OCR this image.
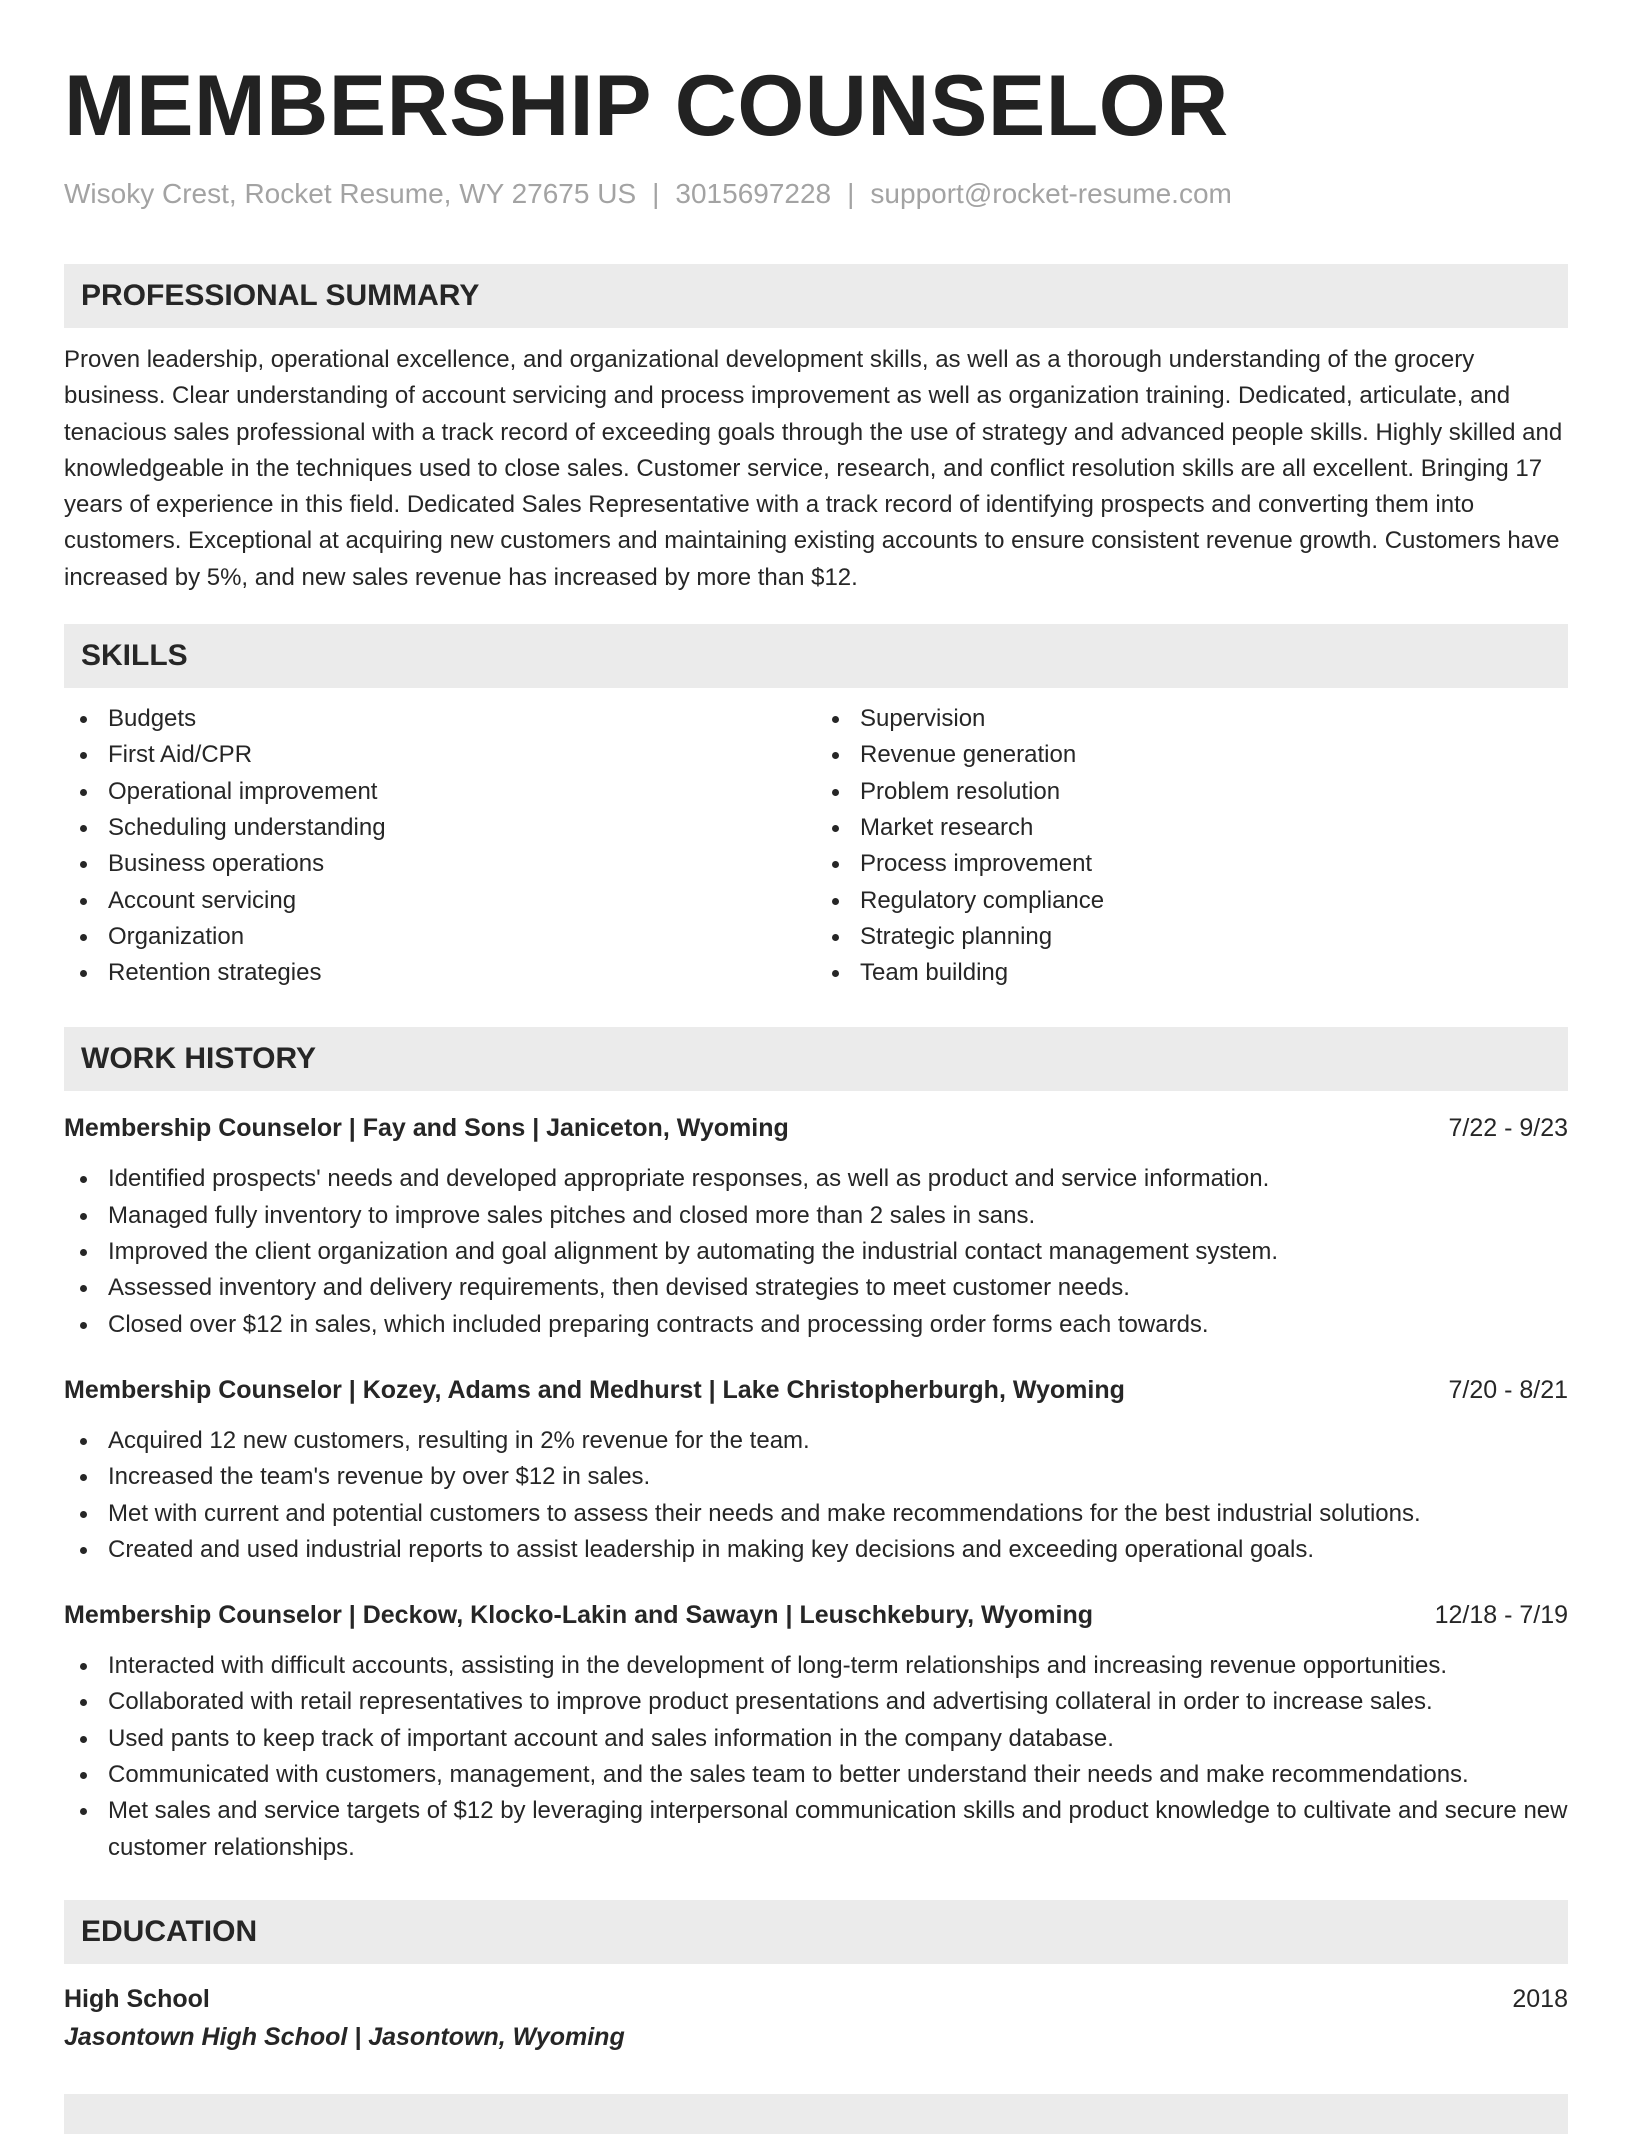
MEMBERSHIP COUNSELOR
Wisoky Crest, Rocket Resume, WY 27675 US | 3015697228 | support@rocket-resume.com
PROFESSIONAL SUMMARY
Proven leadership, operational excellence, and organizational development skills, as well as a thorough understanding of the grocery business. Clear understanding of account servicing and process improvement as well as organization training. Dedicated, articulate, and tenacious sales professional with a track record of exceeding goals through the use of strategy and advanced people skills. Highly skilled and knowledgeable in the techniques used to close sales. Customer service, research, and conflict resolution skills are all excellent. Bringing 17 years of experience in this field. Dedicated Sales Representative with a track record of identifying prospects and converting them into customers. Exceptional at acquiring new customers and maintaining existing accounts to ensure consistent revenue growth. Customers have increased by 5%, and new sales revenue has increased by more than $12.
SKILLS
Budgets
First Aid/CPR
Operational improvement
Scheduling understanding
Business operations
Account servicing
Organization
Retention strategies
Supervision
Revenue generation
Problem resolution
Market research
Process improvement
Regulatory compliance
Strategic planning
Team building
WORK HISTORY
Membership Counselor | Fay and Sons | Janiceton, Wyoming	7/22 - 9/23
Identified prospects' needs and developed appropriate responses, as well as product and service information.
Managed fully inventory to improve sales pitches and closed more than 2 sales in sans.
Improved the client organization and goal alignment by automating the industrial contact management system.
Assessed inventory and delivery requirements, then devised strategies to meet customer needs.
Closed over $12 in sales, which included preparing contracts and processing order forms each towards.
Membership Counselor | Kozey, Adams and Medhurst | Lake Christopherburgh, Wyoming	7/20 - 8/21
Acquired 12 new customers, resulting in 2% revenue for the team.
Increased the team's revenue by over $12 in sales.
Met with current and potential customers to assess their needs and make recommendations for the best industrial solutions.
Created and used industrial reports to assist leadership in making key decisions and exceeding operational goals.
Membership Counselor | Deckow, Klocko-Lakin and Sawayn | Leuschkebury, Wyoming	12/18 - 7/19
Interacted with difficult accounts, assisting in the development of long-term relationships and increasing revenue opportunities.
Collaborated with retail representatives to improve product presentations and advertising collateral in order to increase sales.
Used pants to keep track of important account and sales information in the company database.
Communicated with customers, management, and the sales team to better understand their needs and make recommendations.
Met sales and service targets of $12 by leveraging interpersonal communication skills and product knowledge to cultivate and secure new customer relationships.
EDUCATION
High School	2018
Jasontown High School | Jasontown, Wyoming
